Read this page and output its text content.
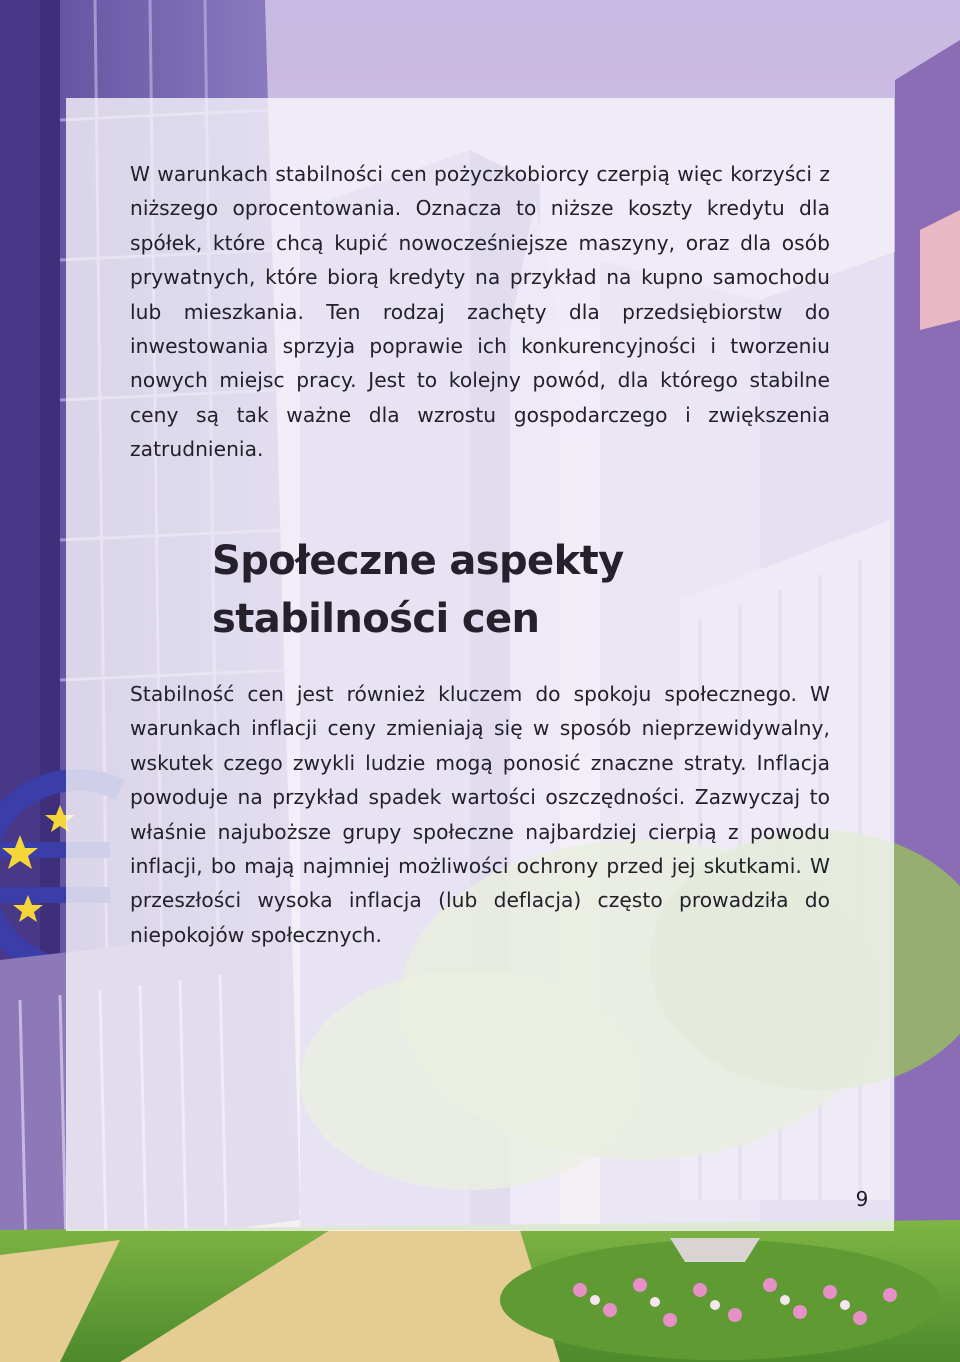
W warunkach stabilności cen pożyczkobiorcy czerpią więc korzyści z niższego oprocentowania. Oznacza to niższe koszty kredytu dla spółek, które chcą kupić nowocześniejsze maszyny, oraz dla osób prywatnych, które biorą kredyty na przykład na kupno samochodu lub mieszkania. Ten rodzaj zachęty dla przedsiębiorstw do inwestowania sprzyja poprawie ich konkurencyjności i tworzeniu nowych miejsc pracy. Jest to kolejny powód, dla którego stabilne ceny są tak ważne dla wzrostu gospodarczego i zwiększenia zatrudnienia.

Społeczne aspekty stabilności cen

Stabilność cen jest również kluczem do spokoju społecznego. W warunkach inflacji ceny zmieniają się w sposób nieprzewidywalny, wskutek czego zwykli ludzie mogą ponosić znaczne straty. Inflacja powoduje na przykład spadek wartości oszczędności. Zazwyczaj to właśnie najuboższe grupy społeczne najbardziej cierpią z powodu inflacji, bo mają najmniej możliwości ochrony przed jej skutkami. W przeszłości wysoka inflacja (lub deflacja) często prowadziła do niepokojów społecznych.

9
